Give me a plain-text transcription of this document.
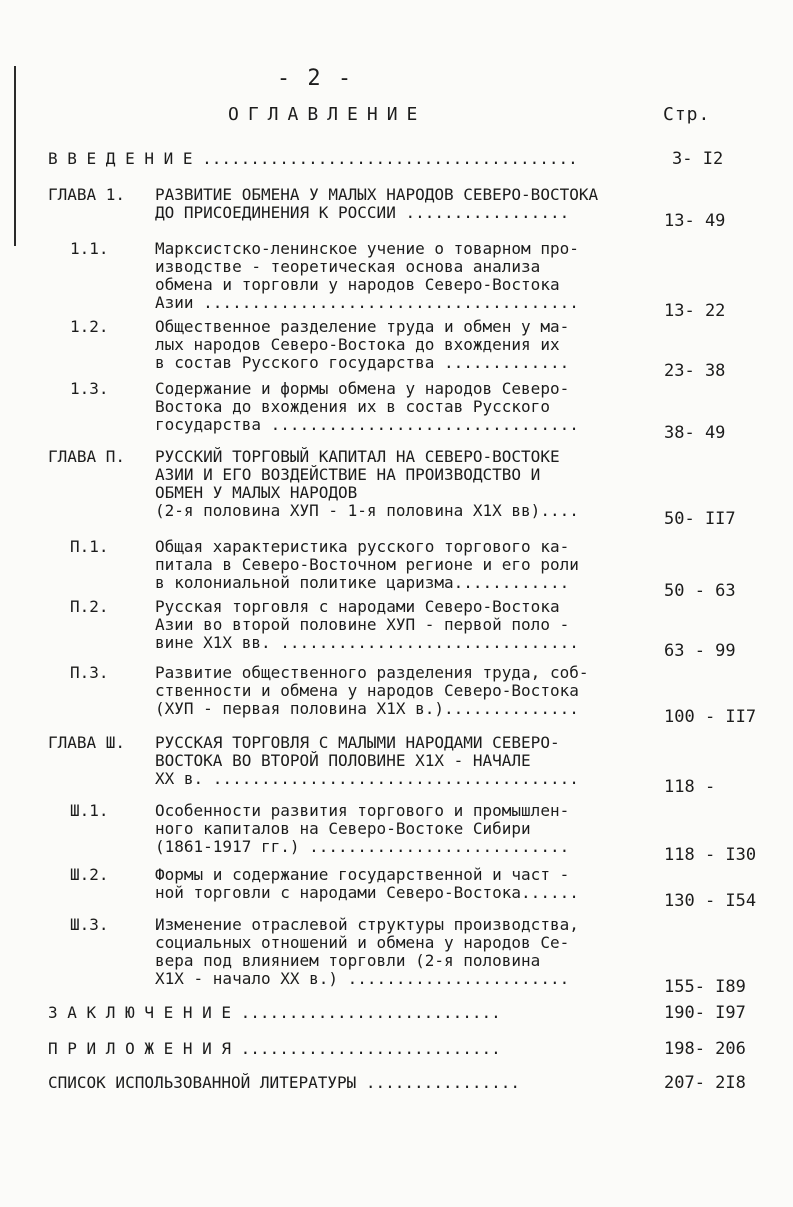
- 2 -
ОГЛАВЛЕНИЕ	Стр.
В В Е Д Е Н И Е .......................................	3- I2
ГЛАВА 1. РАЗВИТИЕ ОБМЕНА У МАЛЫХ НАРОДОВ СЕВЕРО-ВОСТОКА
ДО ПРИСОЕДИНЕНИЯ К РОССИИ .................	13- 49
1.1.	Марксистско-ленинское учение о товарном про-
изводстве - теоретическая основа анализа
обмена и торговли у народов Северо-Востока
Азии .......................................	13- 22
1.2.	Общественное разделение труда и обмен у ма-
лых народов Северо-Востока до вхождения их
в состав Русского государства .............	23- 38
1.3.	Содержание и формы обмена у народов Северо-
Востока до вхождения их в состав Русского
государства ................................	38- 49
ГЛАВА П. РУССКИЙ ТОРГОВЫЙ КАПИТАЛ НА СЕВЕРО-ВОСТОКЕ
АЗИИ И ЕГО ВОЗДЕЙСТВИЕ НА ПРОИЗВОДСТВО И
ОБМЕН У МАЛЫХ НАРОДОВ
(2-я половина ХУП - 1-я половина Х1Х вв)....	50- II7
П.1.	Общая характеристика русского торгового ка-
питала в Северо-Восточном регионе и его роли
в колониальной политике царизма............	50 - 63
П.2.	Русская торговля с народами Северо-Востока
Азии во второй половине ХУП - первой поло -
вине Х1Х вв. ...............................	63 - 99
П.3.	Развитие общественного разделения труда, соб-
ственности и обмена у народов Северо-Востока
(ХУП - первая половина Х1Х в.)..............	100 - II7
ГЛАВА Ш. РУССКАЯ ТОРГОВЛЯ С МАЛЫМИ НАРОДАМИ СЕВЕРО-
ВОСТОКА ВО ВТОРОЙ ПОЛОВИНЕ Х1Х - НАЧАЛЕ
ХХ в. ......................................	118 -
Ш.1.	Особенности развития торгового и промышлен-
ного капиталов на Северо-Востоке Сибири
(1861-1917 гг.) ...........................	118 - I30
Ш.2.	Формы и содержание государственной и част -
ной торговли с народами Северо-Востока......	130 - I54
Ш.3.	Изменение отраслевой структуры производства,
социальных отношений и обмена у народов Се-
вера под влиянием торговли (2-я половина
Х1Х - начало ХХ в.) .......................	155- I89
З А К Л Ю Ч Е Н И Е ...........................	190- I97
П Р И Л О Ж Е Н И Я ...........................	198- 206
СПИСОК ИСПОЛЬЗОВАННОЙ ЛИТЕРАТУРЫ ................	207- 2I8
